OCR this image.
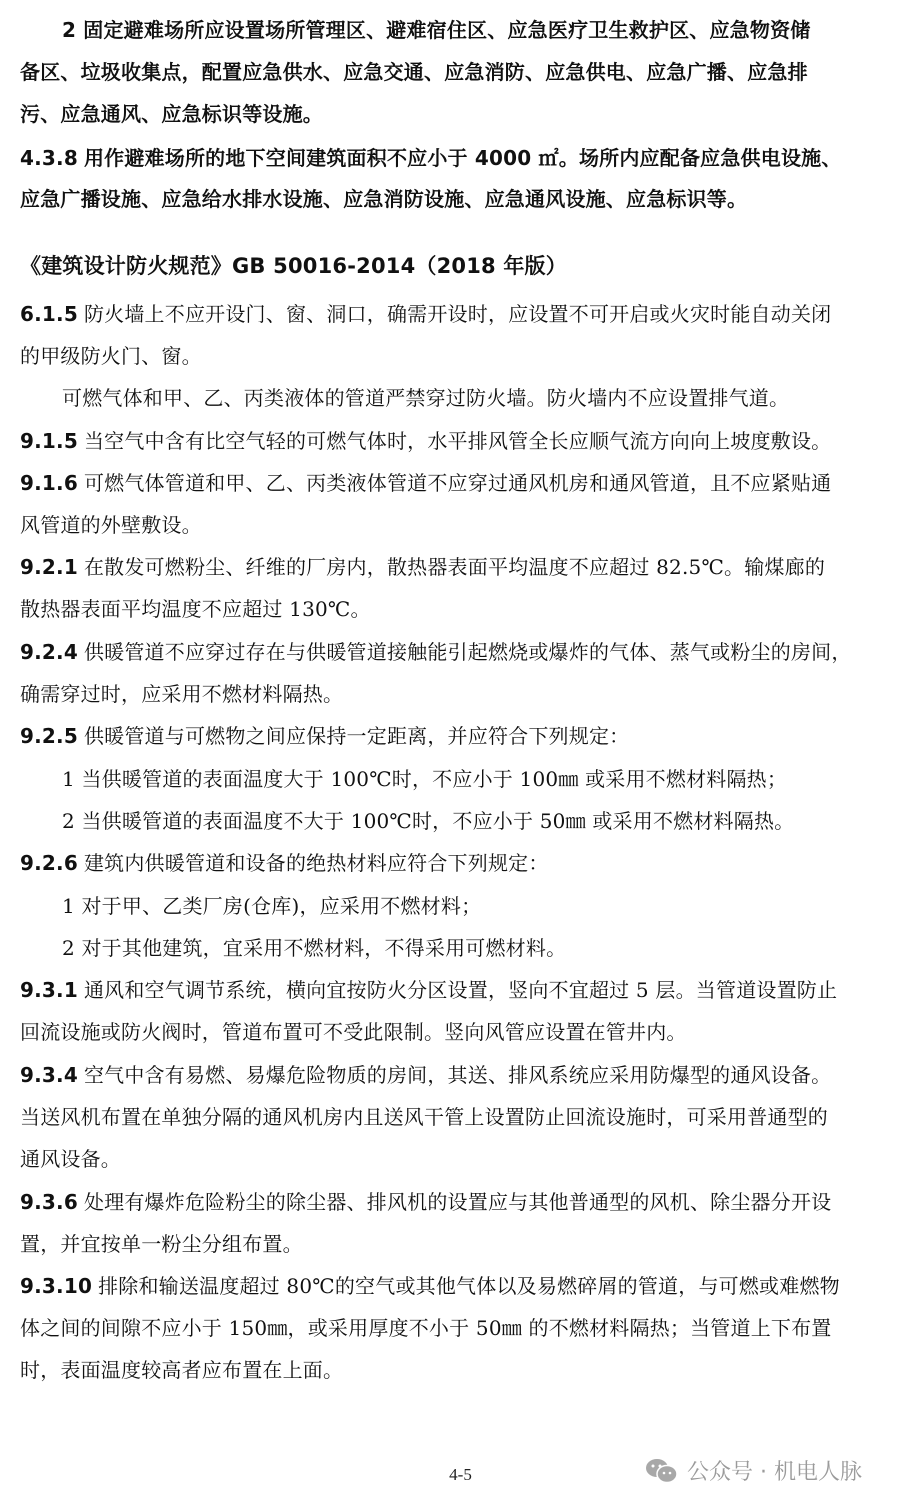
2 固定避难场所应设置场所管理区、避难宿住区、应急医疗卫生救护区、应急物资储
备区、垃圾收集点，配置应急供水、应急交通、应急消防、应急供电、应急广播、应急排
污、应急通风、应急标识等设施。
4.3.8 用作避难场所的地下空间建筑面积不应小于 4000 ㎡。场所内应配备应急供电设施、
应急广播设施、应急给水排水设施、应急消防设施、应急通风设施、应急标识等。
《建筑设计防火规范》GB 50016-2014（2018 年版）
6.1.5 防火墙上不应开设门、窗、洞口，确需开设时，应设置不可开启或火灾时能自动关闭
的甲级防火门、窗。
可燃气体和甲、乙、丙类液体的管道严禁穿过防火墙。防火墙内不应设置排气道。
9.1.5 当空气中含有比空气轻的可燃气体时，水平排风管全长应顺气流方向向上坡度敷设。
9.1.6 可燃气体管道和甲、乙、丙类液体管道不应穿过通风机房和通风管道，且不应紧贴通
风管道的外壁敷设。
9.2.1 在散发可燃粉尘、纤维的厂房内，散热器表面平均温度不应超过 82.5℃。输煤廊的
散热器表面平均温度不应超过 130℃。
9.2.4 供暖管道不应穿过存在与供暖管道接触能引起燃烧或爆炸的气体、蒸气或粉尘的房间，
确需穿过时，应采用不燃材料隔热。
9.2.5 供暖管道与可燃物之间应保持一定距离，并应符合下列规定：
1 当供暖管道的表面温度大于 100℃时，不应小于 100㎜ 或采用不燃材料隔热；
2 当供暖管道的表面温度不大于 100℃时，不应小于 50㎜ 或采用不燃材料隔热。
9.2.6 建筑内供暖管道和设备的绝热材料应符合下列规定：
1 对于甲、乙类厂房(仓库)，应采用不燃材料；
2 对于其他建筑，宜采用不燃材料，不得采用可燃材料。
9.3.1 通风和空气调节系统，横向宜按防火分区设置，竖向不宜超过 5 层。当管道设置防止
回流设施或防火阀时，管道布置可不受此限制。竖向风管应设置在管井内。
9.3.4 空气中含有易燃、易爆危险物质的房间，其送、排风系统应采用防爆型的通风设备。
当送风机布置在单独分隔的通风机房内且送风干管上设置防止回流设施时，可采用普通型的
通风设备。
9.3.6 处理有爆炸危险粉尘的除尘器、排风机的设置应与其他普通型的风机、除尘器分开设
置，并宜按单一粉尘分组布置。
9.3.10 排除和输送温度超过 80℃的空气或其他气体以及易燃碎屑的管道，与可燃或难燃物
体之间的间隙不应小于 150㎜，或采用厚度不小于 50㎜ 的不燃材料隔热；当管道上下布置
时，表面温度较高者应布置在上面。
4-5	公众号 · 机电人脉
